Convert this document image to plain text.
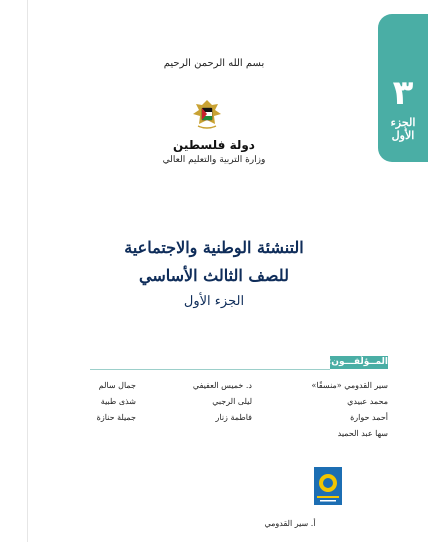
٣
الجزء
الأول
بسم الله الرحمن الرحيم
دولة فلسطين
وزارة التربية والتعليم العالي
التنشئة الوطنية والاجتماعية
للصف الثالث الأساسي
الجزء الأول
المــؤلّفـــون:
سير القدومي «منسقًا»
محمد عبيدي
أحمد حوارة
سها عبد الحميد
د. خميس العفيفي
ليلى الرجبي
فاطمة زنار
جمال سالم
شذى طبية
جميلة حنازة
أ. سير القدومي
